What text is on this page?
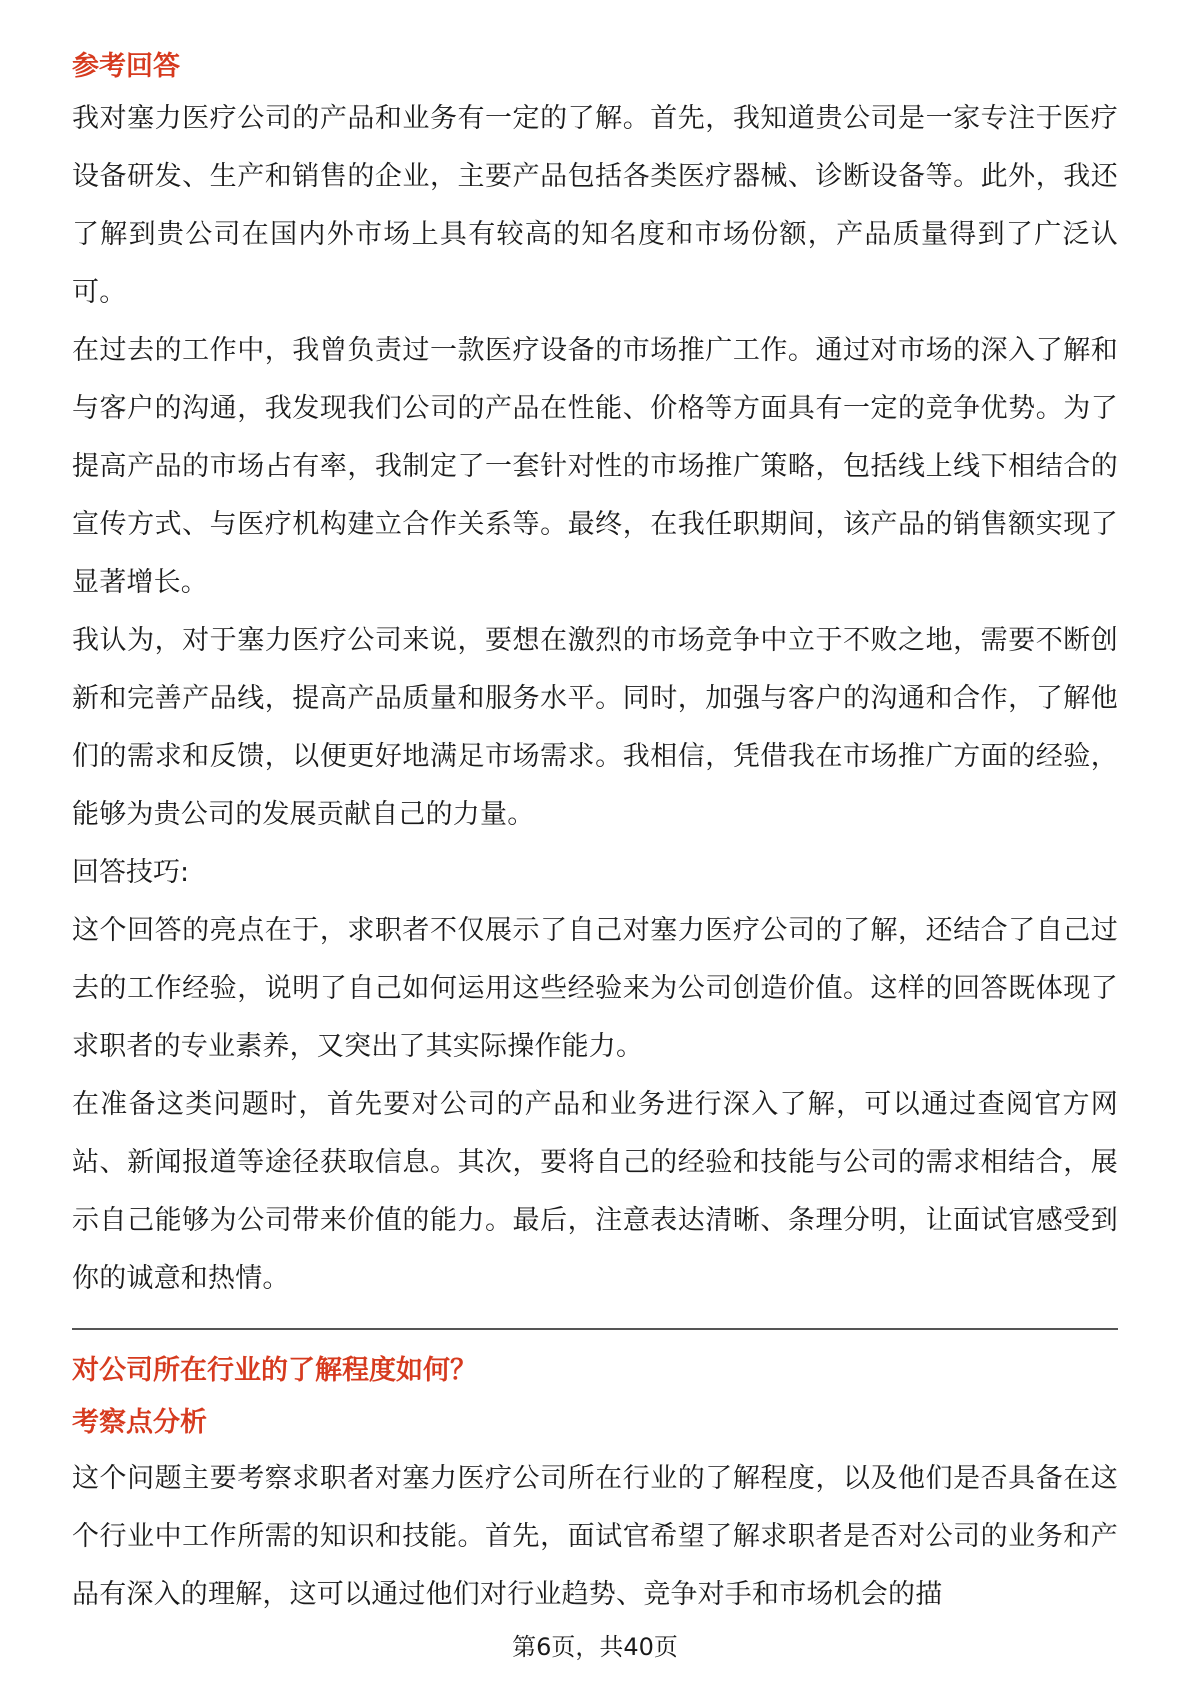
参考回答

我对塞力医疗公司的产品和业务有一定的了解。首先，我知道贵公司是一家专注于医疗设备研发、生产和销售的企业，主要产品包括各类医疗器械、诊断设备等。此外，我还了解到贵公司在国内外市场上具有较高的知名度和市场份额，产品质量得到了广泛认可。

在过去的工作中，我曾负责过一款医疗设备的市场推广工作。通过对市场的深入了解和与客户的沟通，我发现我们公司的产品在性能、价格等方面具有一定的竞争优势。为了提高产品的市场占有率，我制定了一套针对性的市场推广策略，包括线上线下相结合的宣传方式、与医疗机构建立合作关系等。最终，在我任职期间，该产品的销售额实现了显著增长。

我认为，对于塞力医疗公司来说，要想在激烈的市场竞争中立于不败之地，需要不断创新和完善产品线，提高产品质量和服务水平。同时，加强与客户的沟通和合作，了解他们的需求和反馈，以便更好地满足市场需求。我相信，凭借我在市场推广方面的经验，能够为贵公司的发展贡献自己的力量。

回答技巧:

这个回答的亮点在于，求职者不仅展示了自己对塞力医疗公司的了解，还结合了自己过去的工作经验，说明了自己如何运用这些经验来为公司创造价值。这样的回答既体现了求职者的专业素养，又突出了其实际操作能力。

在准备这类问题时，首先要对公司的产品和业务进行深入了解，可以通过查阅官方网站、新闻报道等途径获取信息。其次，要将自己的经验和技能与公司的需求相结合，展示自己能够为公司带来价值的能力。最后，注意表达清晰、条理分明，让面试官感受到你的诚意和热情。

对公司所在行业的了解程度如何？
考察点分析

这个问题主要考察求职者对塞力医疗公司所在行业的了解程度，以及他们是否具备在这个行业中工作所需的知识和技能。首先，面试官希望了解求职者是否对公司的业务和产品有深入的理解，这可以通过他们对行业趋势、竞争对手和市场机会的描

第6页，共40页
